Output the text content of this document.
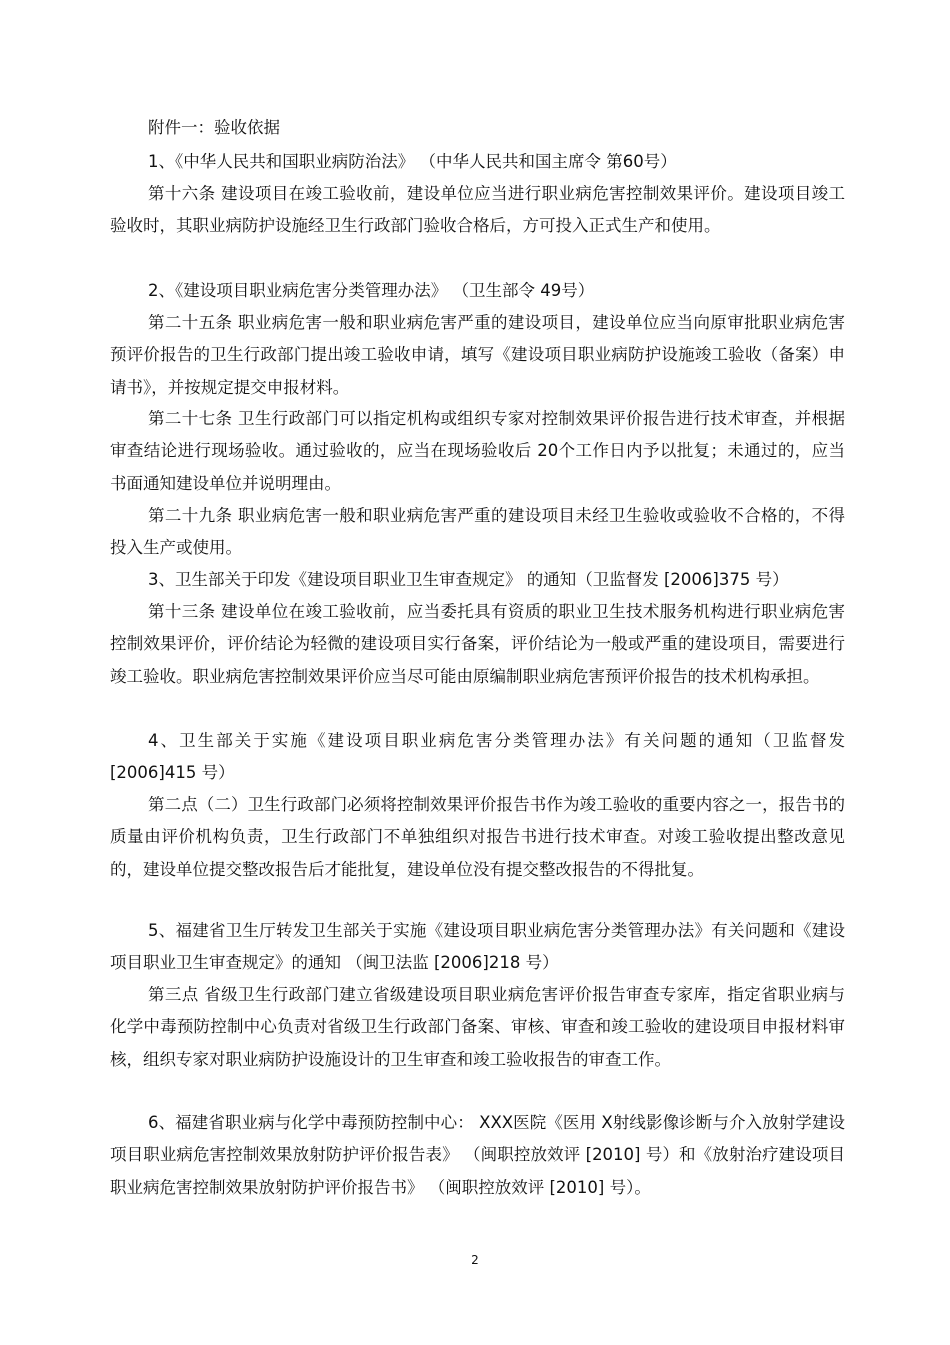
附件一：验收依据

1、《中华人民共和国职业病防治法》 （中华人民共和国主席令 第60号）

第十六条 建设项目在竣工验收前，建设单位应当进行职业病危害控制效果评价。建设项目竣工验收时，其职业病防护设施经卫生行政部门验收合格后，方可投入正式生产和使用。

2、《建设项目职业病危害分类管理办法》 （卫生部令 49号）

第二十五条 职业病危害一般和职业病危害严重的建设项目，建设单位应当向原审批职业病危害预评价报告的卫生行政部门提出竣工验收申请，填写《建设项目职业病防护设施竣工验收（备案）申请书》，并按规定提交申报材料。

第二十七条 卫生行政部门可以指定机构或组织专家对控制效果评价报告进行技术审查，并根据审查结论进行现场验收。通过验收的，应当在现场验收后 20个工作日内予以批复；未通过的，应当书面通知建设单位并说明理由。

第二十九条 职业病危害一般和职业病危害严重的建设项目未经卫生验收或验收不合格的，不得投入生产或使用。

3、卫生部关于印发《建设项目职业卫生审查规定》 的通知（卫监督发 [2006]375 号）

第十三条 建设单位在竣工验收前，应当委托具有资质的职业卫生技术服务机构进行职业病危害控制效果评价，评价结论为轻微的建设项目实行备案，评价结论为一般或严重的建设项目，需要进行竣工验收。职业病危害控制效果评价应当尽可能由原编制职业病危害预评价报告的技术机构承担。

4、卫生部关于实施《建设项目职业病危害分类管理办法》有关问题的通知（卫监督发[2006]415 号）

第二点（二）卫生行政部门必须将控制效果评价报告书作为竣工验收的重要内容之一，报告书的质量由评价机构负责，卫生行政部门不单独组织对报告书进行技术审查。对竣工验收提出整改意见的，建设单位提交整改报告后才能批复，建设单位没有提交整改报告的不得批复。

5、福建省卫生厅转发卫生部关于实施《建设项目职业病危害分类管理办法》有关问题和《建设项目职业卫生审查规定》的通知 （闽卫法监 [2006]218 号）

第三点 省级卫生行政部门建立省级建设项目职业病危害评价报告审查专家库，指定省职业病与化学中毒预防控制中心负责对省级卫生行政部门备案、审核、审查和竣工验收的建设项目申报材料审核，组织专家对职业病防护设施设计的卫生审查和竣工验收报告的审查工作。

6、福建省职业病与化学中毒预防控制中心： XXX医院《医用 X射线影像诊断与介入放射学建设项目职业病危害控制效果放射防护评价报告表》 （闽职控放效评 [2010] 号）和《放射治疗建设项目职业病危害控制效果放射防护评价报告书》 （闽职控放效评 [2010] 号）。

2
